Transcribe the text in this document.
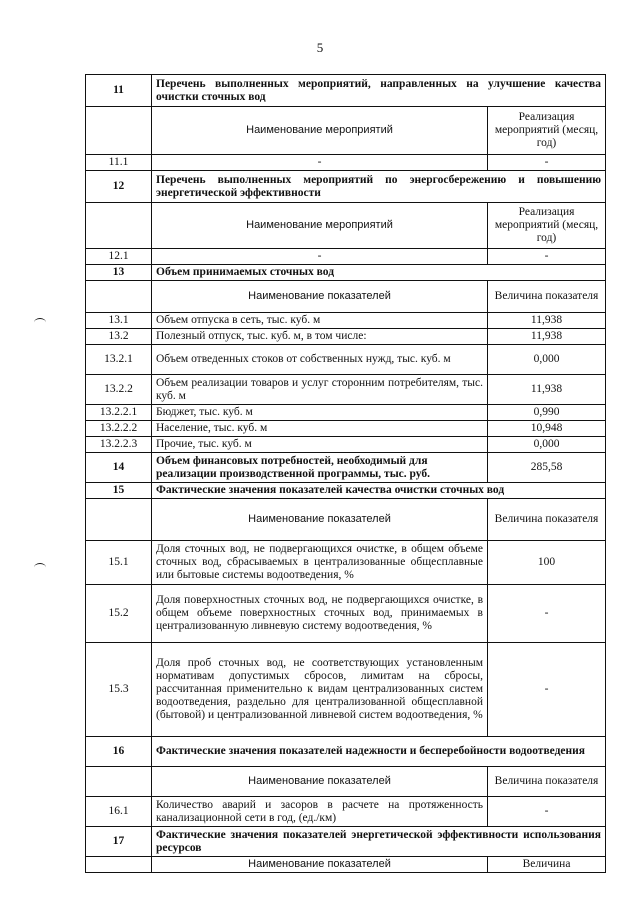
5
11	Перечень выполненных мероприятий, направленных на улучшение качества очистки сточных вод	
	Наименование мероприятий	Реализация мероприятий (месяц, год)
11.1	-	-
12	Перечень выполненных мероприятий по энергосбережению и повышению энергетической эффективности	
	Наименование мероприятий	Реализация мероприятий (месяц, год)
12.1	-	-
13	Объем принимаемых сточных вод	
	Наименование показателей	Величина показателя
13.1	Объем отпуска в сеть, тыс. куб. м	11,938
13.2	Полезный отпуск, тыс. куб. м, в том числе:	11,938
13.2.1	Объем отведенных стоков от собственных нужд, тыс. куб. м	0,000
13.2.2	Объем реализации товаров и услуг сторонним потребителям, тыс. куб. м	11,938
13.2.2.1	Бюджет, тыс. куб. м	0,990
13.2.2.2	Население, тыс. куб. м	10,948
13.2.2.3	Прочие, тыс. куб. м	0,000
14	Объем финансовых потребностей, необходимый для реализации производственной программы, тыс. руб.	285,58
15	Фактические значения показателей качества очистки сточных вод	
	Наименование показателей	Величина показателя
15.1	Доля сточных вод, не подвергающихся очистке, в общем объеме сточных вод, сбрасываемых в централизованные общесплавные или бытовые системы водоотведения, %	100
15.2	Доля поверхностных сточных вод, не подвергающихся очистке, в общем объеме поверхностных сточных вод, принимаемых в централизованную ливневую систему водоотведения, %	-
15.3	Доля проб сточных вод, не соответствующих установленным нормативам допустимых сбросов, лимитам на сбросы, рассчитанная применительно к видам централизованных систем водоотведения, раздельно для централизованной общесплавной (бытовой) и централизованной ливневой систем водоотведения, %	-
16	Фактические значения показателей надежности и бесперебойности водоотведения	
	Наименование показателей	Величина показателя
16.1	Количество аварий и засоров в расчете на протяженность канализационной сети в год, (ед./км)	-
17	Фактические значения показателей энергетической эффективности использования ресурсов	
	Наименование показателей	Величина
